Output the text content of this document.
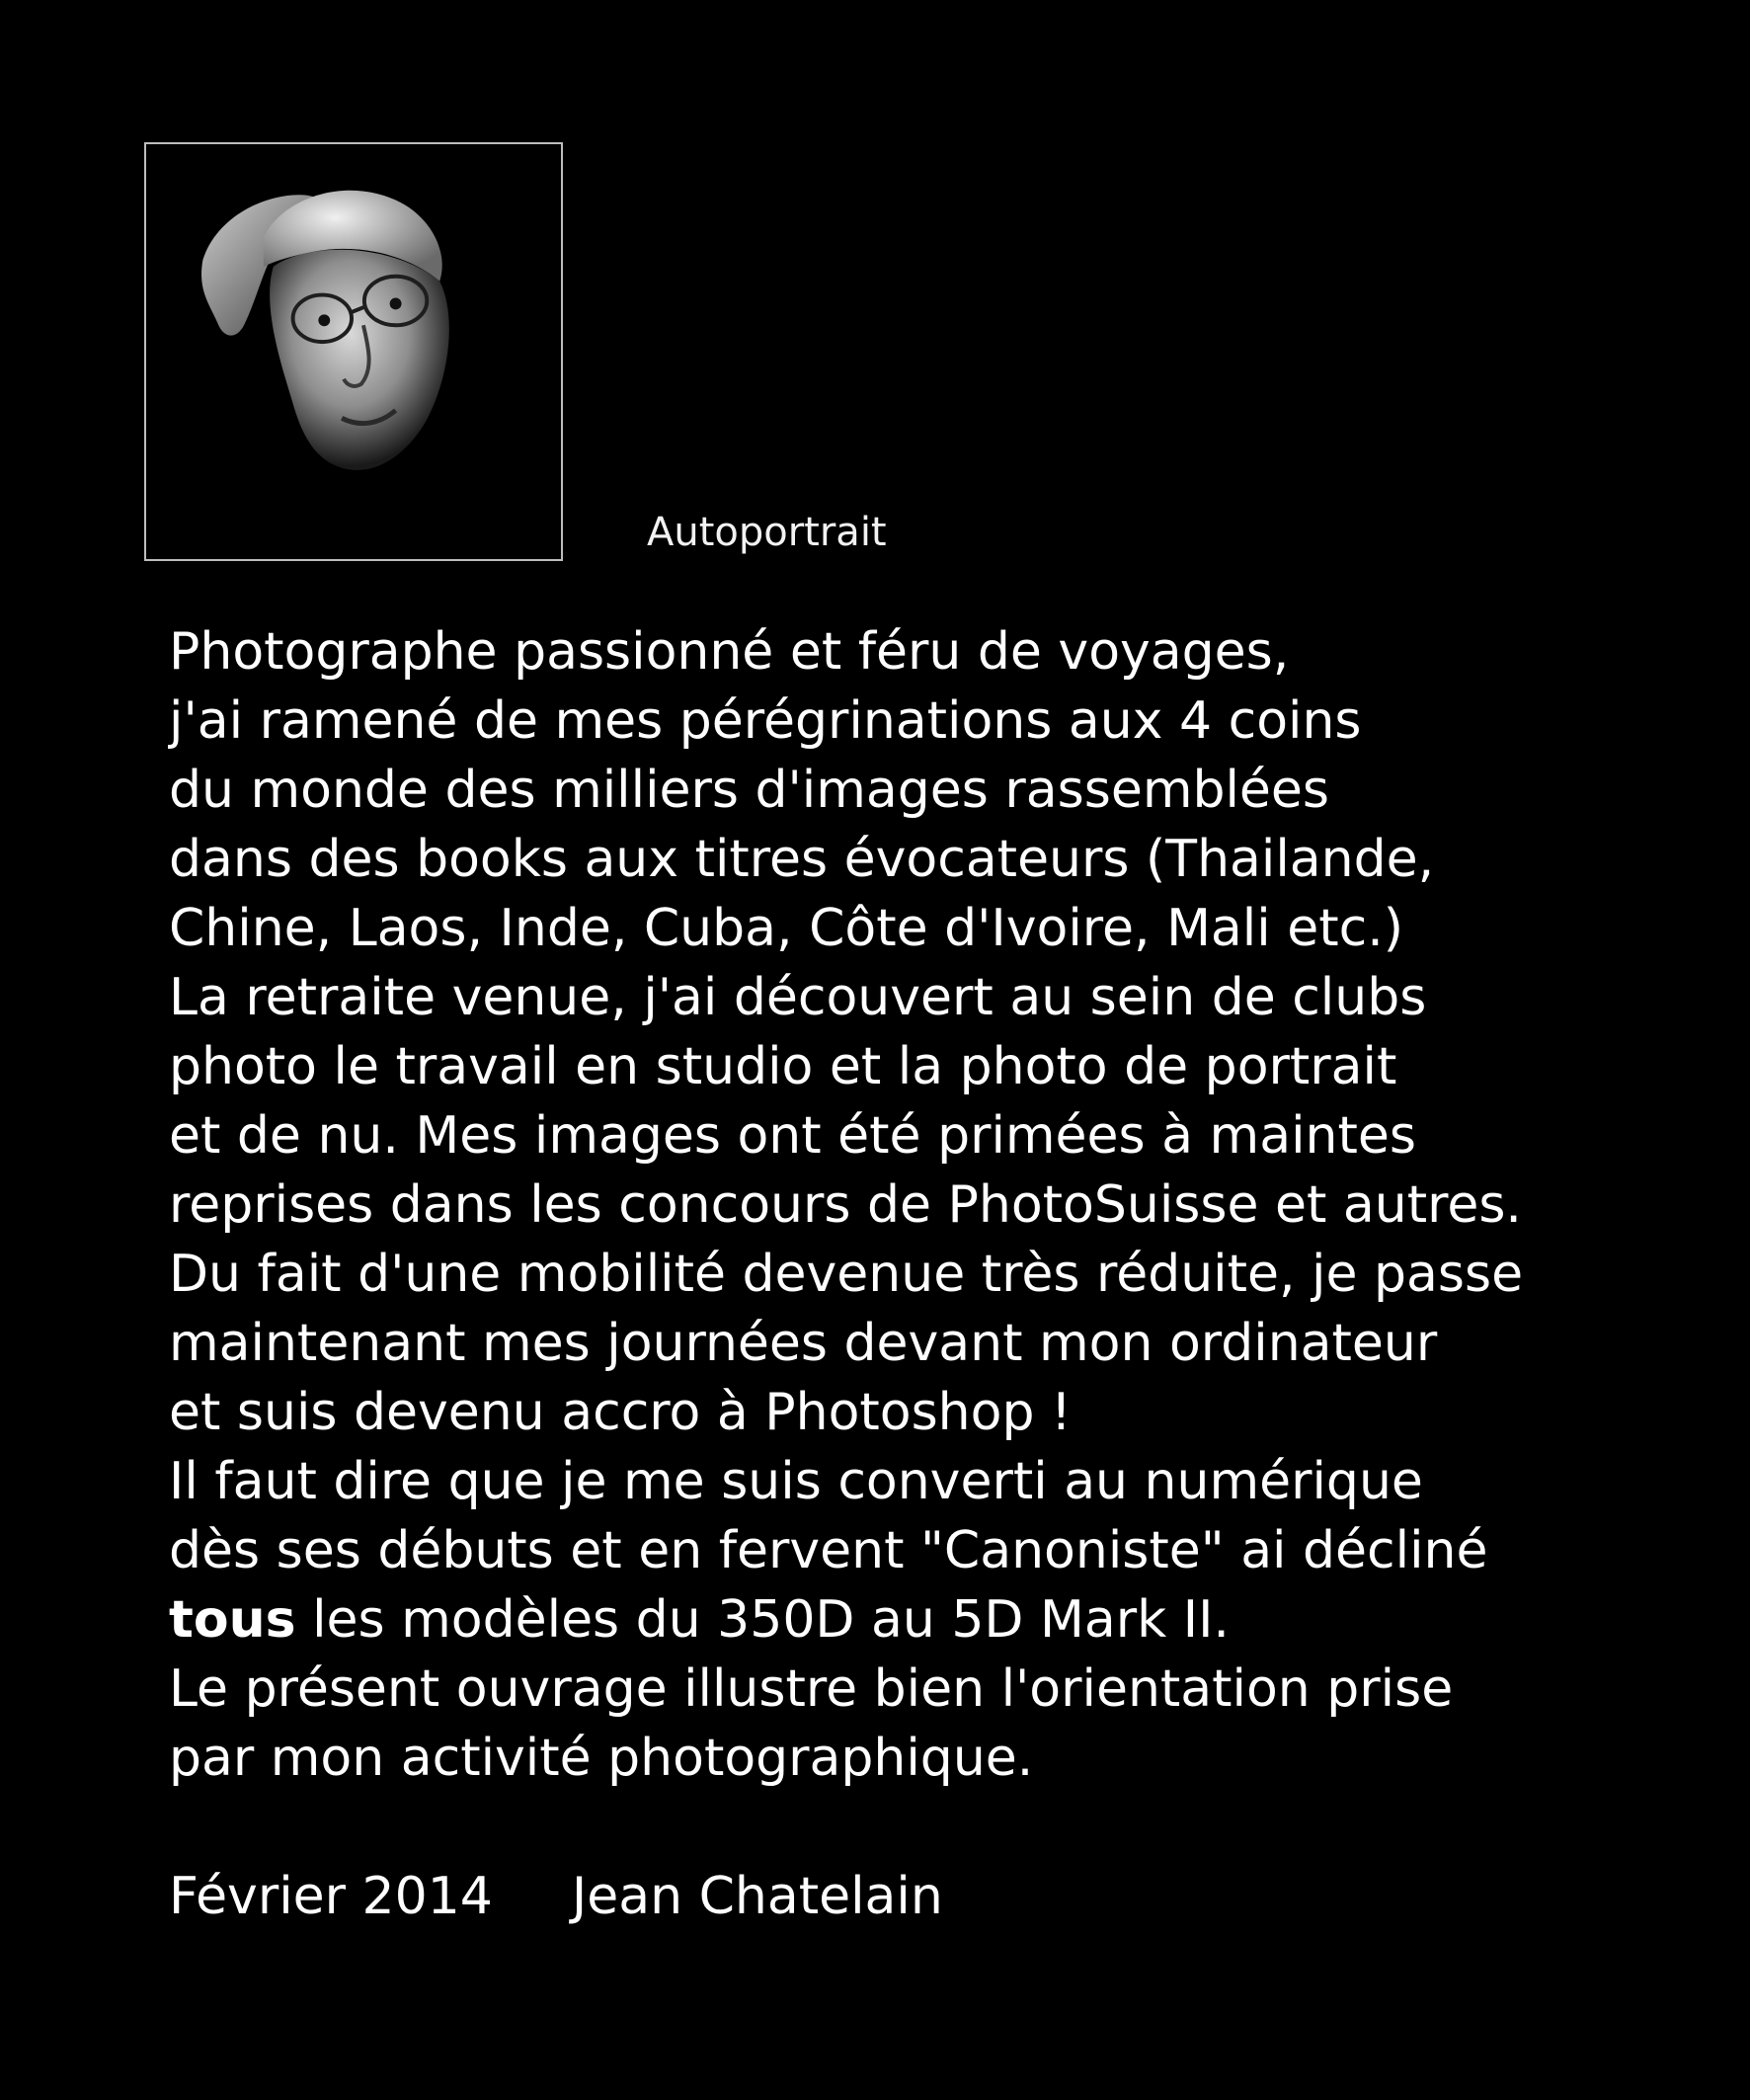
Autoportrait
Photographe passionné et féru de voyages,
j'ai ramené de mes pérégrinations aux 4 coins
du monde des milliers d'images rassemblées
dans des books aux titres évocateurs (Thailande,
Chine, Laos, Inde, Cuba, Côte d'Ivoire, Mali etc.)
La retraite venue, j'ai découvert au sein de clubs
photo le travail en studio et la photo de portrait
et de nu. Mes images ont été primées à maintes
reprises dans les concours de PhotoSuisse et autres.
Du fait d'une mobilité devenue très réduite, je passe
maintenant mes journées devant mon ordinateur
et suis devenu accro à Photoshop !
Il faut dire que je me suis converti au numérique
dès ses débuts et en fervent "Canoniste" ai décliné
tous les modèles du 350D au 5D Mark II.
Le présent ouvrage illustre bien l'orientation prise
par mon activité photographique.
Février 2014 Jean Chatelain
